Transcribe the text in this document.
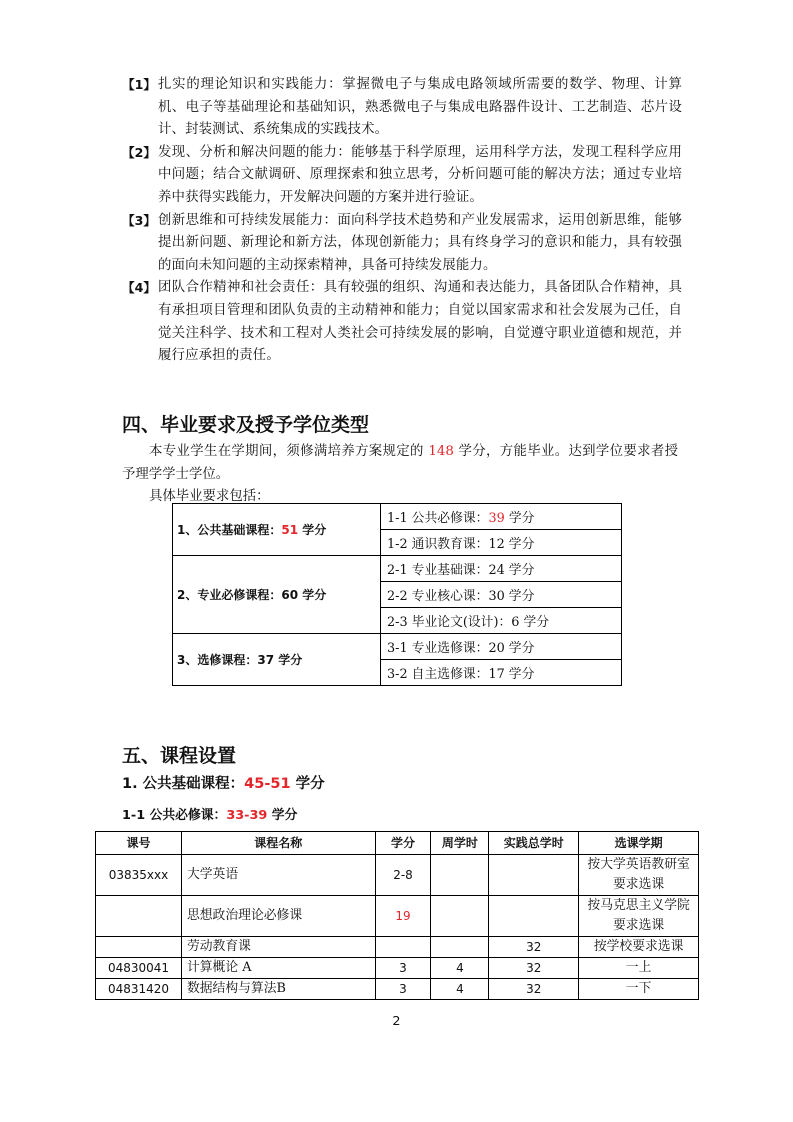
【1】 扎实的理论知识和实践能力：掌握微电子与集成电路领域所需要的数学、物理、计算机、电子等基础理论和基础知识，熟悉微电子与集成电路器件设计、工艺制造、芯片设计、封装测试、系统集成的实践技术。
【2】 发现、分析和解决问题的能力：能够基于科学原理，运用科学方法，发现工程科学应用中问题；结合文献调研、原理探索和独立思考，分析问题可能的解决方法；通过专业培养中获得实践能力，开发解决问题的方案并进行验证。
【3】 创新思维和可持续发展能力：面向科学技术趋势和产业发展需求，运用创新思维，能够提出新问题、新理论和新方法，体现创新能力；具有终身学习的意识和能力，具有较强的面向未知问题的主动探索精神，具备可持续发展能力。
【4】 团队合作精神和社会责任：具有较强的组织、沟通和表达能力，具备团队合作精神，具有承担项目管理和团队负责的主动精神和能力；自觉以国家需求和社会发展为己任，自觉关注科学、技术和工程对人类社会可持续发展的影响，自觉遵守职业道德和规范，并履行应承担的责任。
四、毕业要求及授予学位类型
本专业学生在学期间，须修满培养方案规定的 148 学分，方能毕业。达到学位要求者授予理学学士学位。
具体毕业要求包括：
1、公共基础课程：51 学分	1-1 公共必修课：39 学分
	1-2 通识教育课：12 学分
2、专业必修课程：60 学分	2-1 专业基础课：24 学分
	2-2 专业核心课：30 学分
	2-3 毕业论文(设计)：6 学分
3、选修课程：37 学分	3-1 专业选修课：20 学分
	3-2 自主选修课：17 学分
五、课程设置
1. 公共基础课程：45-51 学分
1-1 公共必修课：33-39 学分
课号	课程名称	学分	周学时	实践总学时	选课学期
03835xxx	大学英语	2-8			按大学英语教研室要求选课
	思想政治理论必修课	19			按马克思主义学院要求选课
	劳动教育课			32	按学校要求选课
04830041	计算概论 A	3	4	32	一上
04831420	数据结构与算法B	3	4	32	一下
2
